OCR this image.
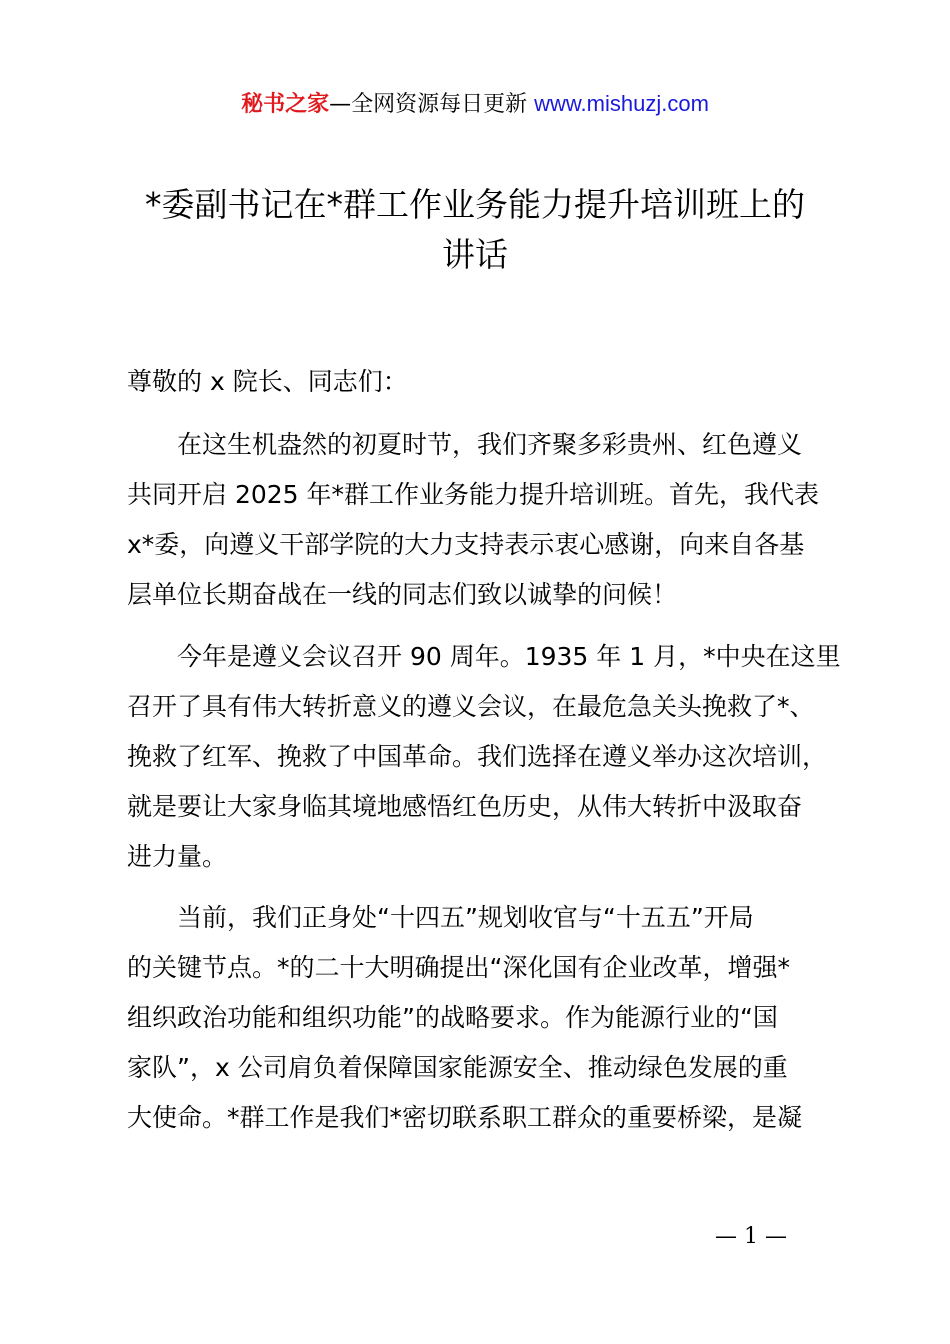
秘书之家—全网资源每日更新 www.mishuzj.com
*委副书记在*群工作业务能力提升培训班上的
讲话

尊敬的 x 院长、同志们：

在这生机盎然的初夏时节，我们齐聚多彩贵州、红色遵义
共同开启 2025 年*群工作业务能力提升培训班。首先，我代表
x*委，向遵义干部学院的大力支持表示衷心感谢，向来自各基
层单位长期奋战在一线的同志们致以诚挚的问候！

今年是遵义会议召开 90 周年。1935 年 1 月，*中央在这里
召开了具有伟大转折意义的遵义会议，在最危急关头挽救了*、
挽救了红军、挽救了中国革命。我们选择在遵义举办这次培训，
就是要让大家身临其境地感悟红色历史，从伟大转折中汲取奋
进力量。

当前，我们正身处“十四五”规划收官与“十五五”开局
的关键节点。*的二十大明确提出“深化国有企业改革，增强*
组织政治功能和组织功能”的战略要求。作为能源行业的“国
家队”，x 公司肩负着保障国家能源安全、推动绿色发展的重
大使命。*群工作是我们*密切联系职工群众的重要桥梁，是凝

— 1 —
